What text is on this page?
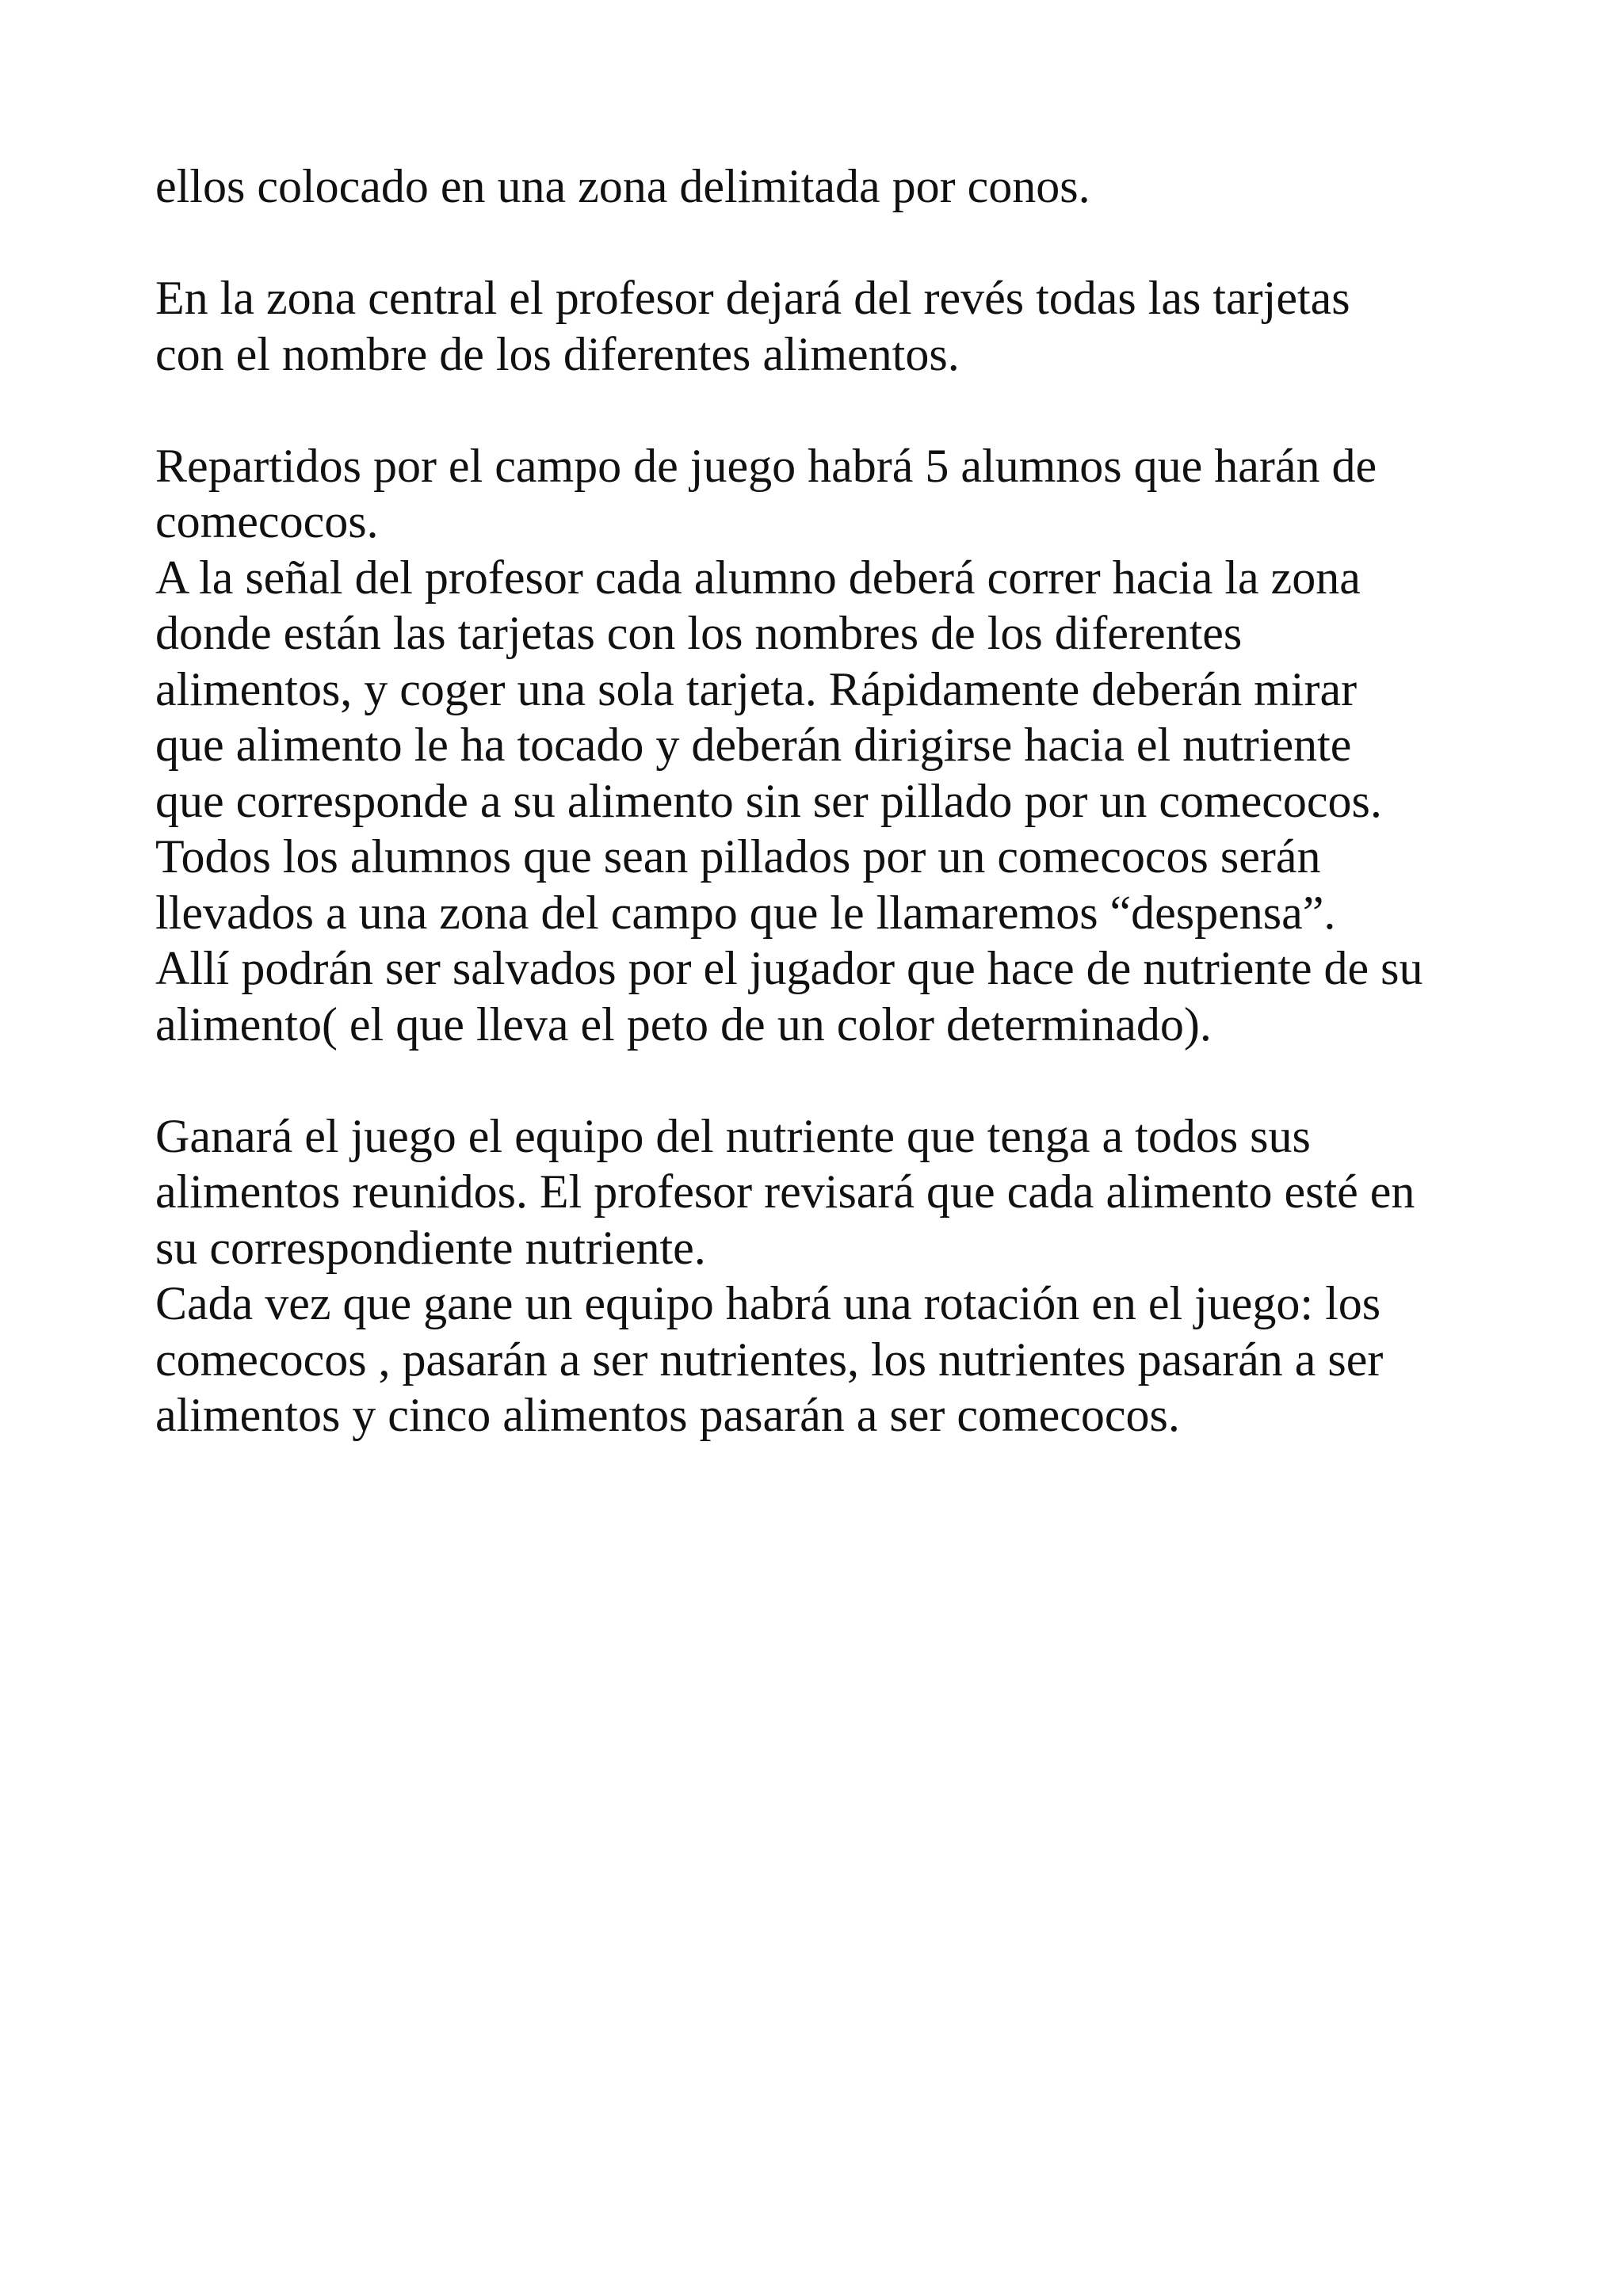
ellos colocado en una zona delimitada por conos.

En la zona central el profesor dejará del revés todas las tarjetas

con el nombre de los diferentes alimentos.

Repartidos por el campo de juego habrá 5 alumnos que harán de

comecocos.

A la señal del profesor cada alumno deberá correr hacia la zona

donde están las tarjetas con los nombres de los diferentes

alimentos, y coger una sola tarjeta. Rápidamente deberán mirar

que alimento le ha tocado y deberán dirigirse hacia el nutriente

que corresponde a su alimento sin ser pillado por un comecocos.

Todos los alumnos que sean pillados por un comecocos serán

llevados a una zona del campo que le llamaremos “despensa”.

Allí podrán ser salvados por el jugador que hace de nutriente de su

alimento( el que lleva el peto de un color determinado).

Ganará el juego el equipo del nutriente que tenga a todos sus

alimentos reunidos. El profesor revisará que cada alimento esté en

su correspondiente nutriente.

Cada vez que gane un equipo habrá una rotación en el juego: los

comecocos , pasarán a ser nutrientes, los nutrientes pasarán a ser

alimentos y cinco alimentos pasarán a ser comecocos.
